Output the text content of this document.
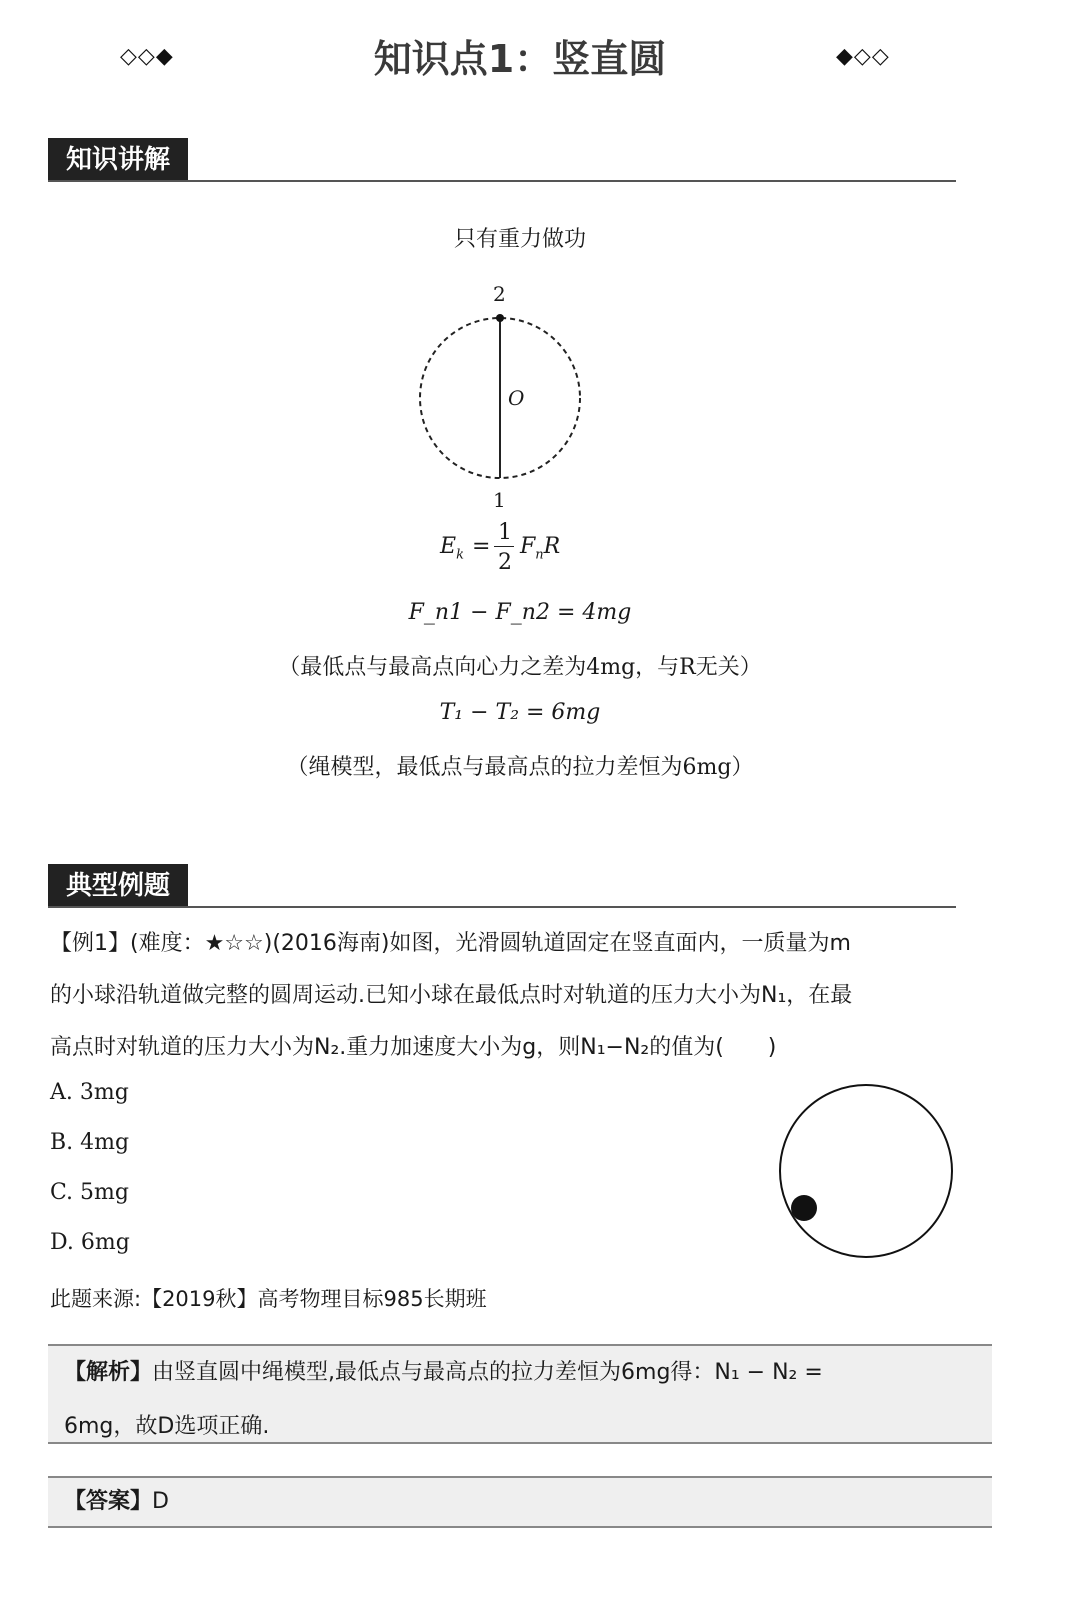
◇◇◆	知识点1：竖直圆	◆◇◇
知识讲解
只有重力做功
2
O
1
$E_k$ =
1
2
$F_nR$
F_n1 − F_n2 = 4mg
（最低点与最高点向心力之差为4mg，与R无关）
T₁ − T₂ = 6mg
（绳模型，最低点与最高点的拉力差恒为6mg）
典型例题
【例1】(难度：★☆☆)(2016海南)如图，光滑圆轨道固定在竖直面内，一质量为m
的小球沿轨道做完整的圆周运动.已知小球在最低点时对轨道的压力大小为N₁，在最
高点时对轨道的压力大小为N₂.重力加速度大小为g，则N₁−N₂的值为(　　)
A. 3mg
B. 4mg
C. 5mg
D. 6mg
此题来源:【2019秋】高考物理目标985长期班
【解析】由竖直圆中绳模型,最低点与最高点的拉力差恒为6mg得：N₁ − N₂ =
6mg，故D选项正确.
【答案】D
